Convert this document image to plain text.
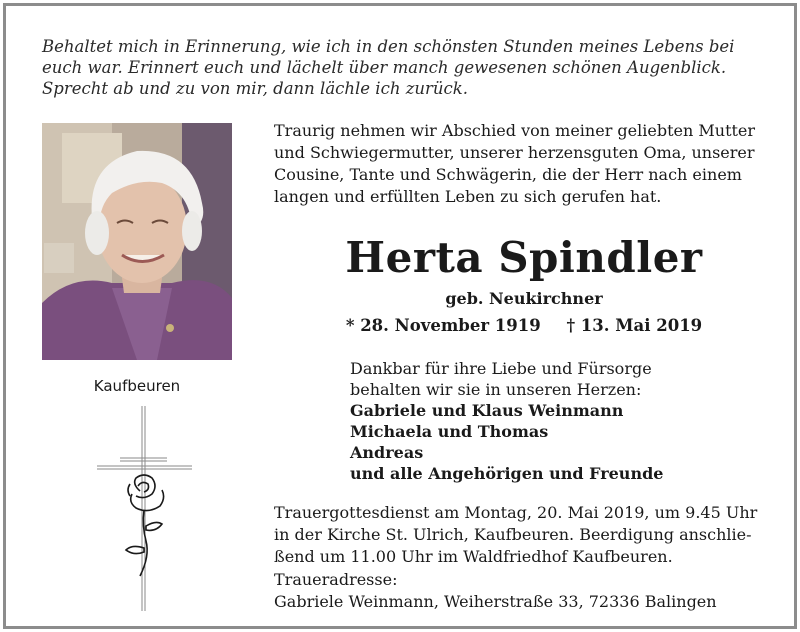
Behaltet mich in Erinnerung, wie ich in den schönsten Stunden meines Lebens bei
euch war. Erinnert euch und lächelt über manch gewesenen schönen Augenblick.
Sprecht ab und zu von mir, dann lächle ich zurück.
Kaufbeuren
Traurig nehmen wir Abschied von meiner geliebten Mutter
und Schwiegermutter, unserer herzensguten Oma, unserer
Cousine, Tante und Schwägerin, die der Herr nach einem
langen und erfüllten Leben zu sich gerufen hat.
Herta Spindler
geb. Neukirchner
* 28. November 1919 † 13. Mai 2019
Dankbar für ihre Liebe und Fürsorge
behalten wir sie in unseren Herzen:
Gabriele und Klaus Weinmann
Michaela und Thomas
Andreas
und alle Angehörigen und Freunde
Trauergottesdienst am Montag, 20. Mai 2019, um 9.45 Uhr
in der Kirche St. Ulrich, Kaufbeuren. Beerdigung anschlie-
ßend um 11.00 Uhr im Waldfriedhof Kaufbeuren.
Traueradresse:
Gabriele Weinmann, Weiherstraße 33, 72336 Balingen
